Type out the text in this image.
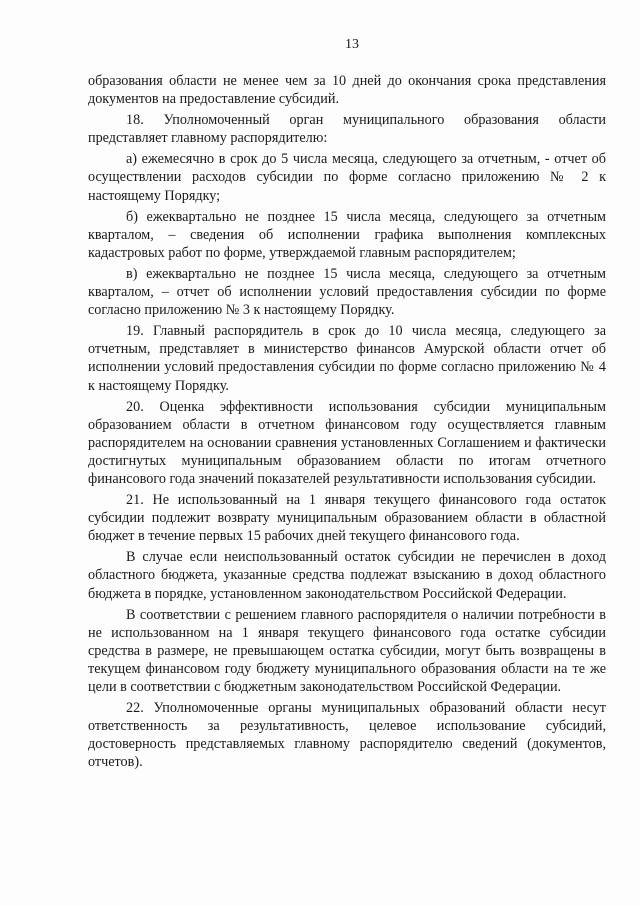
13

образования области не менее чем за 10 дней до окончания срока представления документов на предоставление субсидий.

18. Уполномоченный орган муниципального образования области представляет главному распорядителю:

а) ежемесячно в срок до 5 числа месяца, следующего за отчетным, - отчет об осуществлении расходов субсидии по форме согласно приложению № 2 к настоящему Порядку;

б) ежеквартально не позднее 15 числа месяца, следующего за отчетным кварталом, – сведения об исполнении графика выполнения комплексных кадастровых работ по форме, утверждаемой главным распорядителем;

в) ежеквартально не позднее 15 числа месяца, следующего за отчетным кварталом, – отчет об исполнении условий предоставления субсидии по форме согласно приложению № 3 к настоящему Порядку.

19. Главный распорядитель в срок до 10 числа месяца, следующего за отчетным, представляет в министерство финансов Амурской области отчет об исполнении условий предоставления субсидии по форме согласно приложению № 4 к настоящему Порядку.

20. Оценка эффективности использования субсидии муниципальным образованием области в отчетном финансовом году осуществляется главным распорядителем на основании сравнения установленных Соглашением и фактически достигнутых муниципальным образованием области по итогам отчетного финансового года значений показателей результативности использования субсидии.

21. Не использованный на 1 января текущего финансового года остаток субсидии подлежит возврату муниципальным образованием области в областной бюджет в течение первых 15 рабочих дней текущего финансового года.

В случае если неиспользованный остаток субсидии не перечислен в доход областного бюджета, указанные средства подлежат взысканию в доход областного бюджета в порядке, установленном законодательством Российской Федерации.

В соответствии с решением главного распорядителя о наличии потребности в не использованном на 1 января текущего финансового года остатке субсидии средства в размере, не превышающем остатка субсидии, могут быть возвращены в текущем финансовом году бюджету муниципального образования области на те же цели в соответствии с бюджетным законодательством Российской Федерации.

22. Уполномоченные органы муниципальных образований области несут ответственность за результативность, целевое использование субсидий, достоверность представляемых главному распорядителю сведений (документов, отчетов).
